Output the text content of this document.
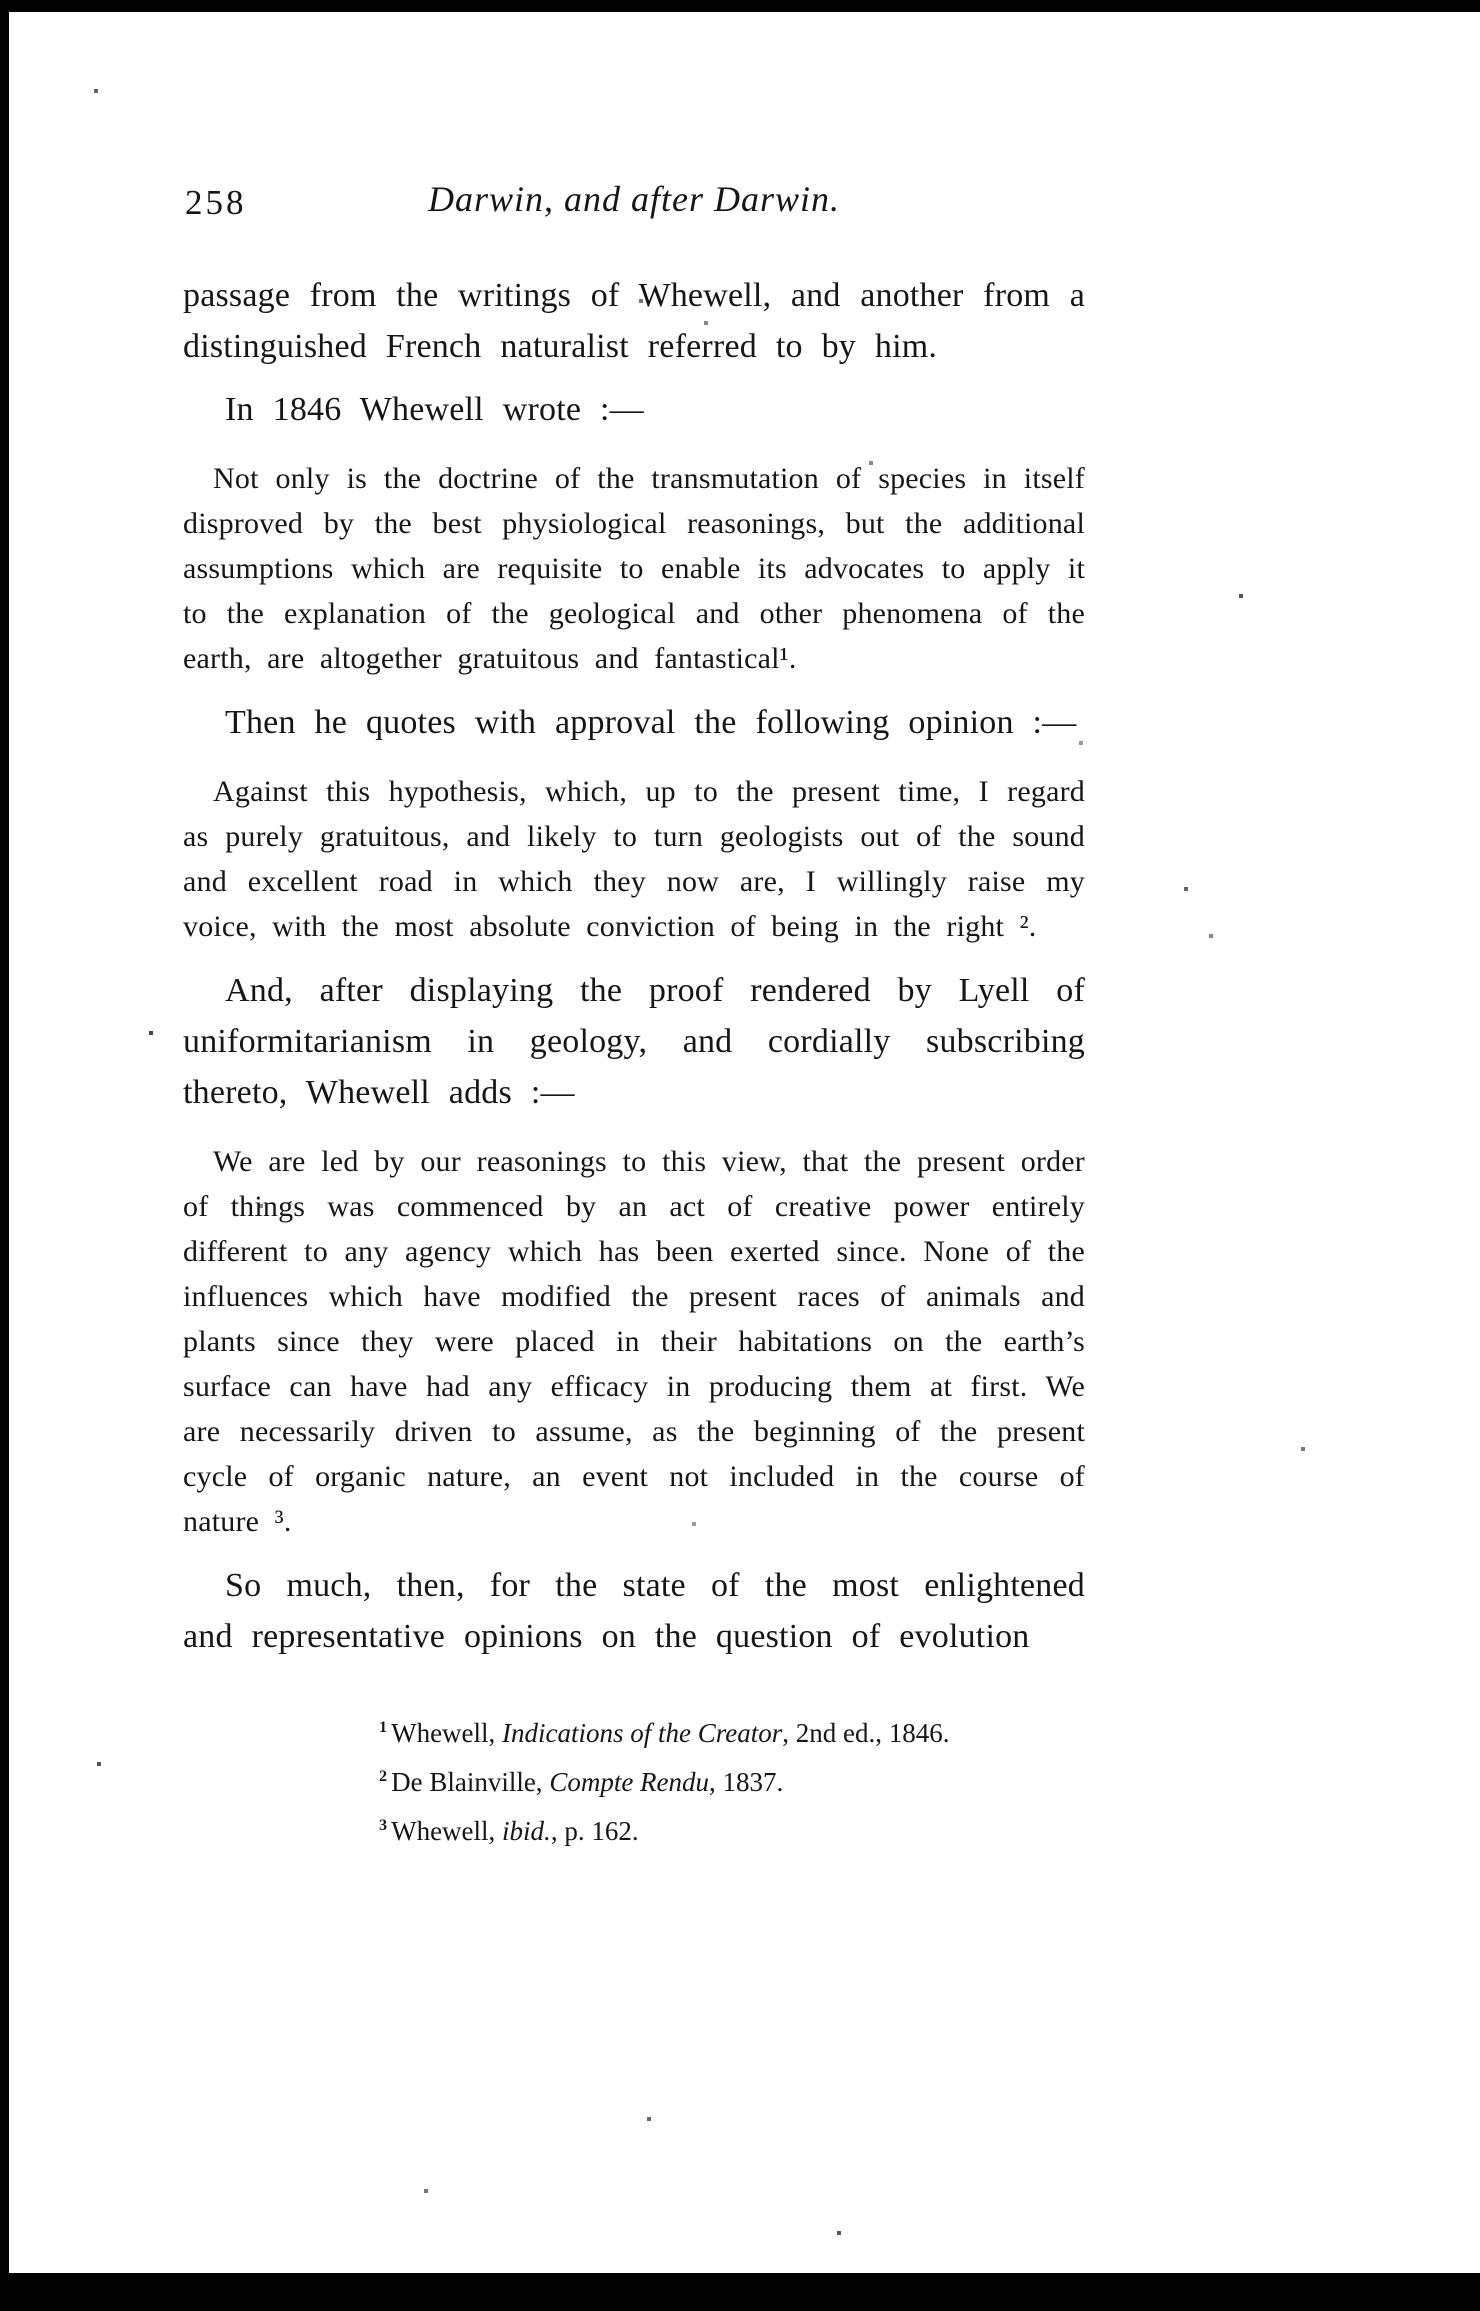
258	Darwin, and after Darwin.

passage from the writings of Whewell, and another from a distinguished French naturalist referred to by him.

In 1846 Whewell wrote :—

Not only is the doctrine of the transmutation of species in itself disproved by the best physiological reasonings, but the additional assumptions which are requisite to enable its advocates to apply it to the explanation of the geological and other phenomena of the earth, are altogether gratuitous and fantastical¹.

Then he quotes with approval the following opinion :—

Against this hypothesis, which, up to the present time, I regard as purely gratuitous, and likely to turn geologists out of the sound and excellent road in which they now are, I willingly raise my voice, with the most absolute conviction of being in the right ².

And, after displaying the proof rendered by Lyell of uniformitarianism in geology, and cordially subscribing thereto, Whewell adds :—

We are led by our reasonings to this view, that the present order of things was commenced by an act of creative power entirely different to any agency which has been exerted since. None of the influences which have modified the present races of animals and plants since they were placed in their habitations on the earth’s surface can have had any efficacy in producing them at first. We are necessarily driven to assume, as the beginning of the present cycle of organic nature, an event not included in the course of nature ³.

So much, then, for the state of the most enlightened and representative opinions on the question of evolution

$^1$ Whewell, Indications of the Creator, 2nd ed., 1846.
$^2$ De Blainville, Compte Rendu, 1837.
$^3$ Whewell, ibid., p. 162.
